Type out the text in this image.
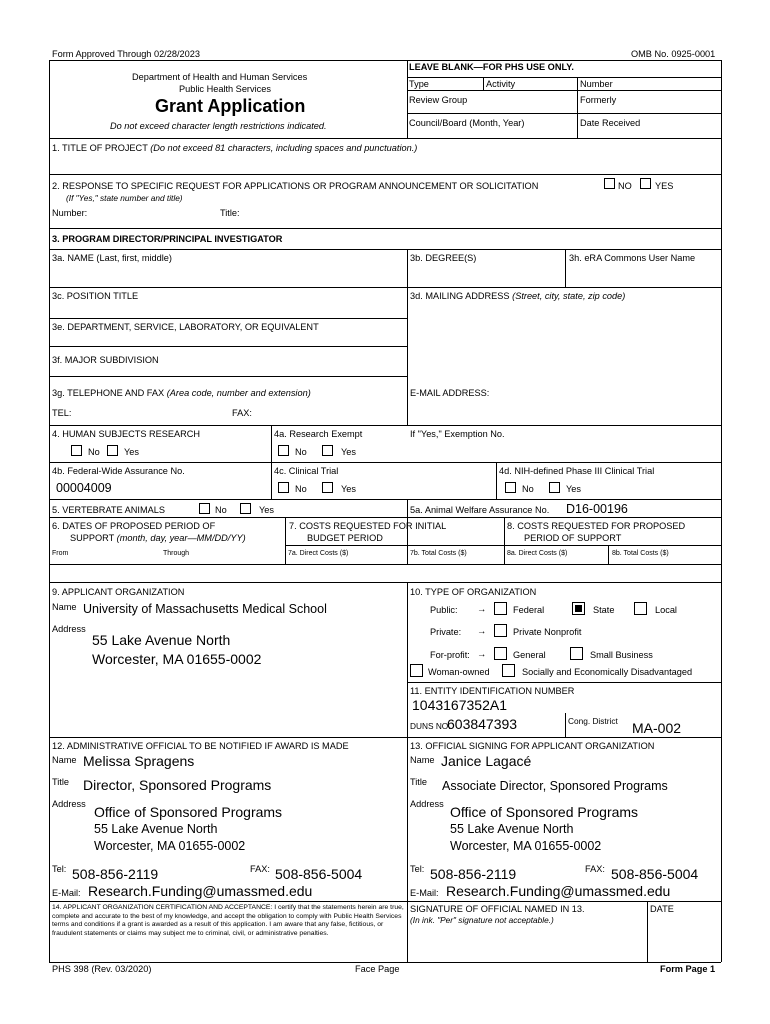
Form Approved Through 02/28/2023	OMB No. 0925-0001
Department of Health and Human Services
Public Health Services
Grant Application
Do not exceed character length restrictions indicated.
LEAVE BLANK—FOR PHS USE ONLY.
Type	Activity	Number
Review Group	Formerly
Council/Board (Month, Year)	Date Received
1. TITLE OF PROJECT (Do not exceed 81 characters, including spaces and punctuation.)
2. RESPONSE TO SPECIFIC REQUEST FOR APPLICATIONS OR PROGRAM ANNOUNCEMENT OR SOLICITATION	NO	YES
(If "Yes," state number and title)
Number:	Title:
3. PROGRAM DIRECTOR/PRINCIPAL INVESTIGATOR
3a. NAME (Last, first, middle)	3b. DEGREE(S)	3h. eRA Commons User Name
3c. POSITION TITLE	3d. MAILING ADDRESS (Street, city, state, zip code)
3e. DEPARTMENT, SERVICE, LABORATORY, OR EQUIVALENT
3f. MAJOR SUBDIVISION
3g. TELEPHONE AND FAX (Area code, number and extension)	E-MAIL ADDRESS:
TEL:	FAX:
4. HUMAN SUBJECTS RESEARCH
No	Yes
4a. Research Exempt
No	Yes
If "Yes," Exemption No.
4b. Federal-Wide Assurance No.
00004009
4c. Clinical Trial
No	Yes
4d. NIH-defined Phase III Clinical Trial
No	Yes
5. VERTEBRATE ANIMALS	No	Yes	5a. Animal Welfare Assurance No. D16-00196
6. DATES OF PROPOSED PERIOD OF
SUPPORT (month, day, year—MM/DD/YY)
From	Through
7. COSTS REQUESTED FOR INITIAL
BUDGET PERIOD
7a. Direct Costs ($)	7b. Total Costs ($)
8. COSTS REQUESTED FOR PROPOSED
PERIOD OF SUPPORT
8a. Direct Costs ($)	8b. Total Costs ($)
9. APPLICANT ORGANIZATION
Name University of Massachusetts Medical School
Address
55 Lake Avenue North
Worcester, MA 01655-0002
10. TYPE OF ORGANIZATION
Public: →	Federal	State	Local
Private: →	Private Nonprofit
For-profit: →	General	Small Business
Woman-owned	Socially and Economically Disadvantaged
11. ENTITY IDENTIFICATION NUMBER
1043167352A1
DUNS NO.
603847393	Cong. District MA-002
12. ADMINISTRATIVE OFFICIAL TO BE NOTIFIED IF AWARD IS MADE
Name Melissa Spragens
Title Director, Sponsored Programs
Address Office of Sponsored Programs
55 Lake Avenue North
Worcester, MA 01655-0002
Tel: 508-856-2119	FAX: 508-856-5004
E-Mail: Research.Funding@umassmed.edu
13. OFFICIAL SIGNING FOR APPLICANT ORGANIZATION
Name Janice Lagacé
Title Associate Director, Sponsored Programs
Address Office of Sponsored Programs
55 Lake Avenue North
Worcester, MA 01655-0002
Tel: 508-856-2119	FAX: 508-856-5004
E-Mail: Research.Funding@umassmed.edu
14. APPLICANT ORGANIZATION CERTIFICATION AND ACCEPTANCE: I certify that the statements herein are true, complete and accurate to the best of my knowledge, and accept the obligation to comply with Public Health Services terms and conditions if a grant is awarded as a result of this application. I am aware that any false, fictitious, or fraudulent statements or claims may subject me to criminal, civil, or administrative penalties.
SIGNATURE OF OFFICIAL NAMED IN 13.
(In ink. "Per" signature not acceptable.)
DATE
PHS 398 (Rev. 03/2020)	Face Page	Form Page 1
